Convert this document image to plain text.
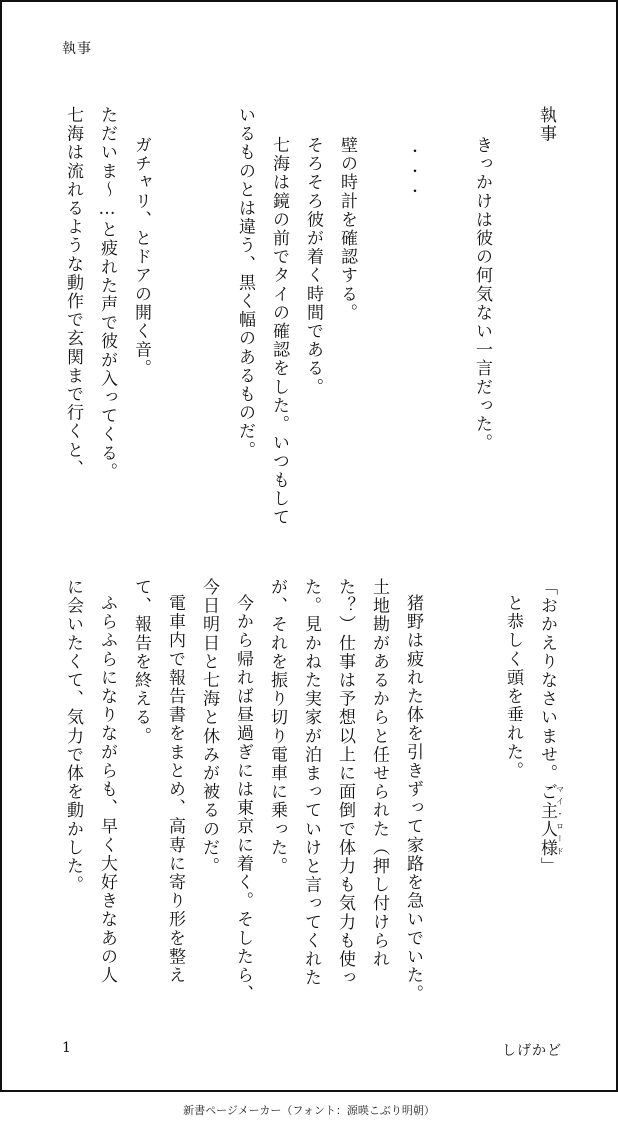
執事
執事
きっかけは彼の何気ない一言だった。
・・・
壁の時計を確認する。
そろそろ彼が着く時間である。
七海は鏡の前でタイの確認をした。いつもして
いるものとは違う、黒く幅のあるものだ。
ガチャリ、とドアの開く音。
ただいま〜…と疲れた声で彼が入ってくる。
七海は流れるような動作で玄関まで行くと、
「おかえりなさいませ。ご主人様マイ・ロード」
と恭しく頭を垂れた。
猪野は疲れた体を引きずって家路を急いでいた。
土地勘があるからと任せられた（押し付けられ
た？）仕事は予想以上に面倒で体力も気力も使っ
た。見かねた実家が泊まっていけと言ってくれた
が、それを振り切り電車に乗った。
今から帰れば昼過ぎには東京に着く。そしたら、
今日明日と七海と休みが被るのだ。
電車内で報告書をまとめ、高専に寄り形を整え
て、報告を終える。
ふらふらになりながらも、早く大好きなあの人
に会いたくて、気力で体を動かした。
1	しげかど
新書ページメーカー（フォント：源暎こぶり明朝）
